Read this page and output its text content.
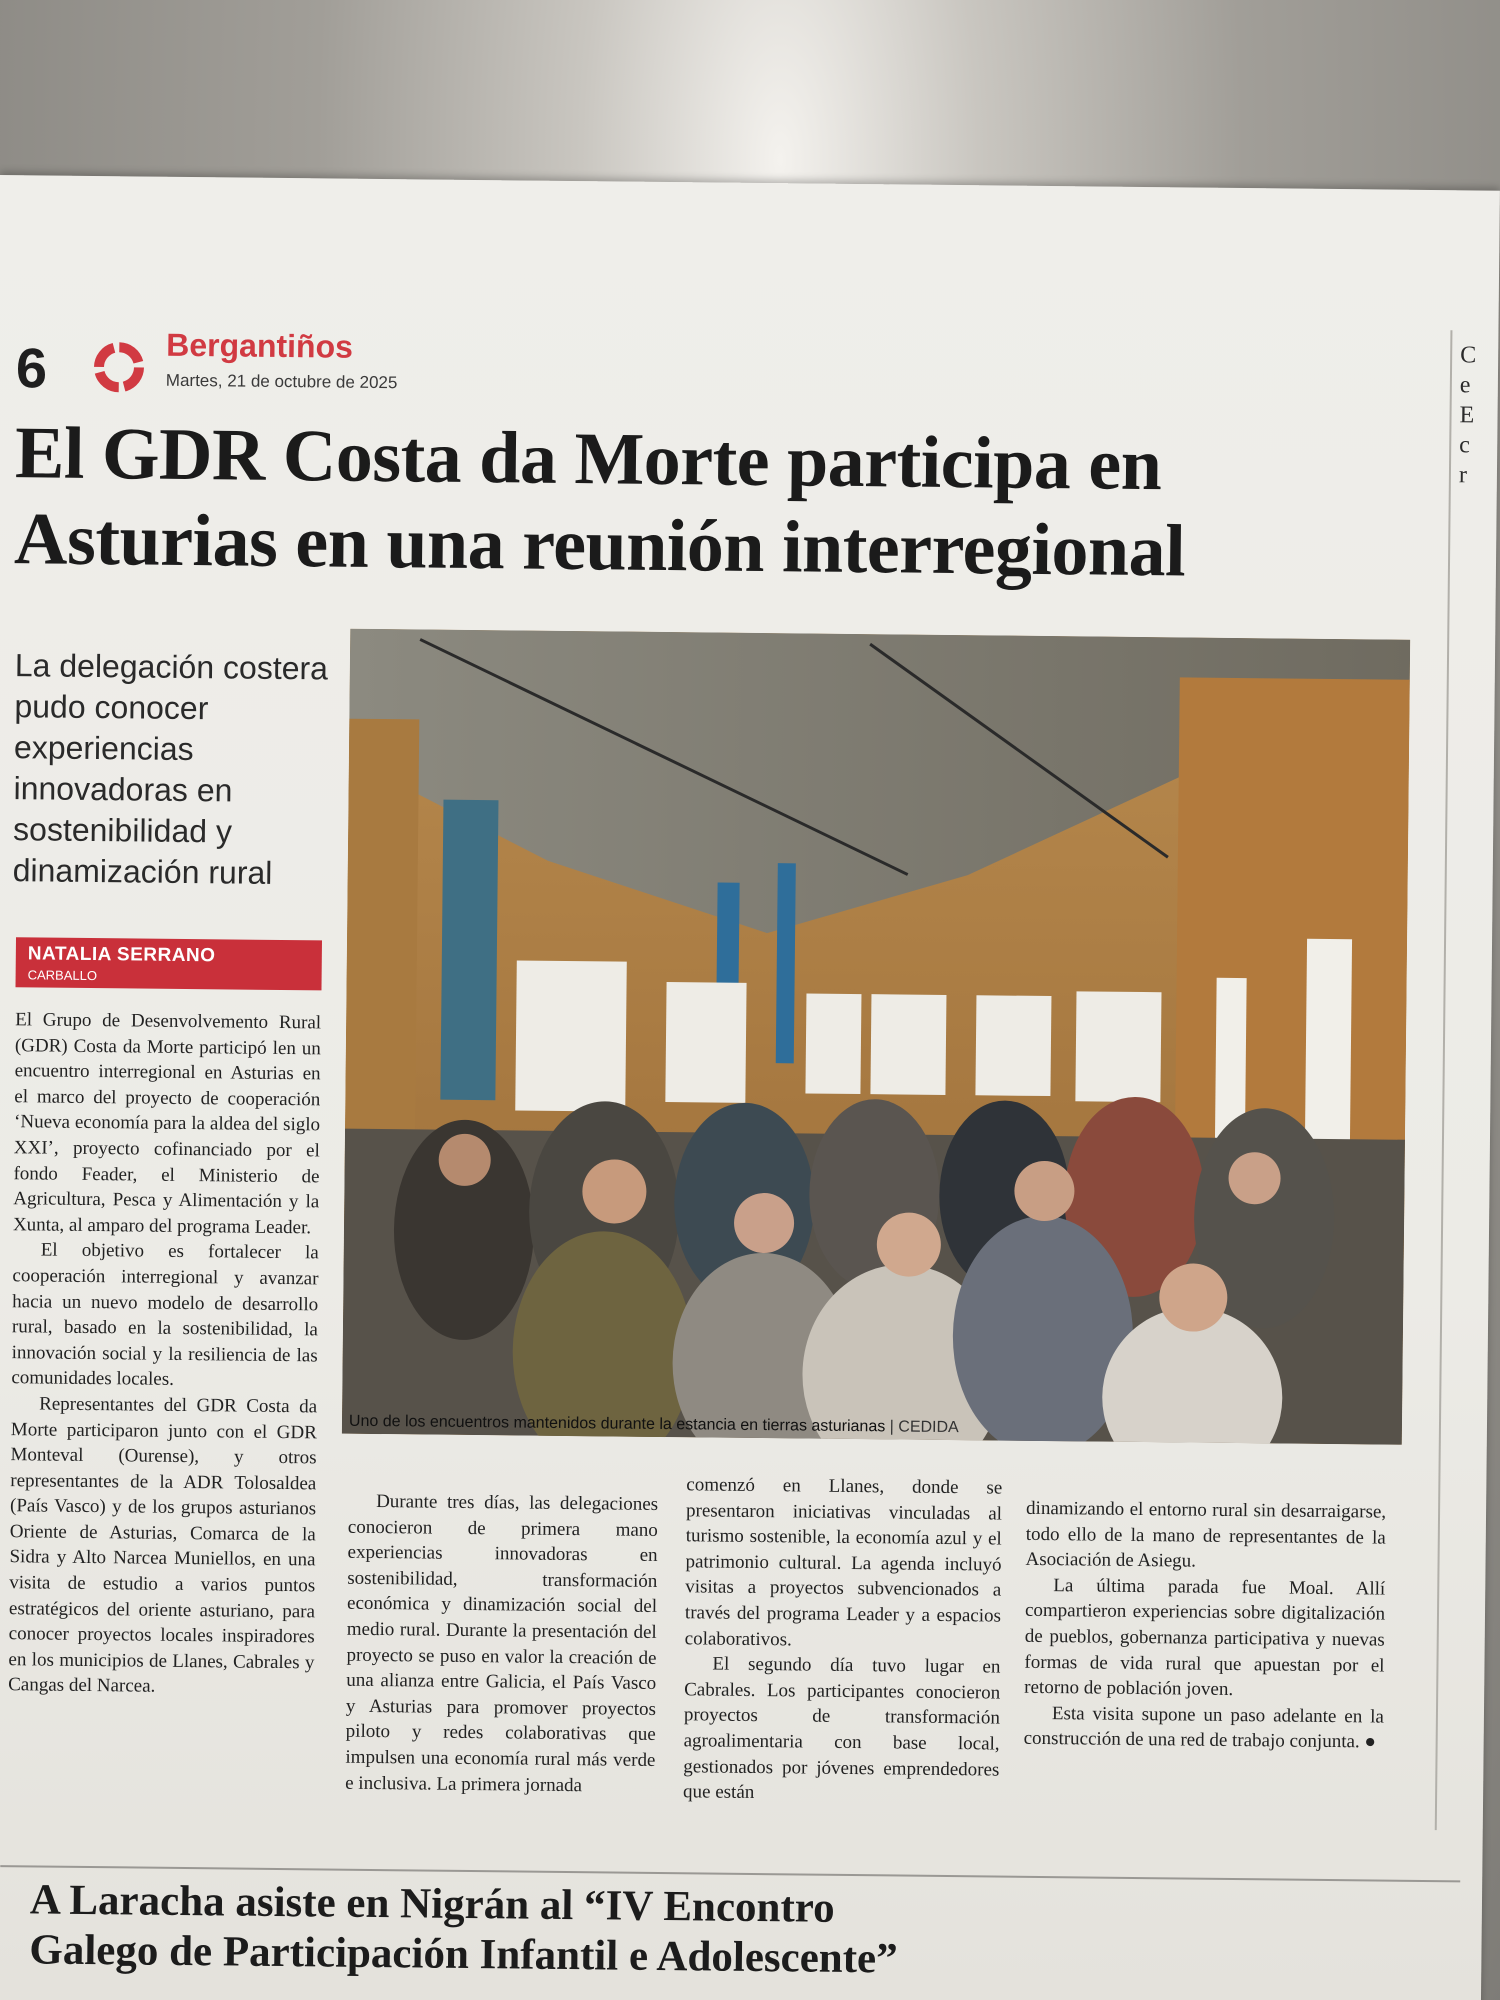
6	Bergantiños
Martes, 21 de octubre de 2025
El GDR Costa da Morte participa en
Asturias en una reunión interregional
La delegación costera pudo conocer experiencias innovadoras en sostenibilidad y dinamización rural
NATALIA SERRANO
CARBALLO

El Grupo de Desenvolvemento Rural (GDR) Costa da Morte participó len un encuentro interregional en Asturias en el marco del proyecto de cooperación ‘Nueva economía para la aldea del siglo XXI’, proyecto cofinanciado por el fondo Feader, el Ministerio de Agricultura, Pesca y Alimentación y la Xunta, al amparo del programa Leader.

El objetivo es fortalecer la cooperación interregional y avanzar hacia un nuevo modelo de desarrollo rural, basado en la sostenibilidad, la innovación social y la resiliencia de las comunidades locales.

Representantes del GDR Costa da Morte participaron junto con el GDR Monteval (Ourense), y otros representantes de la ADR Tolosaldea (País Vasco) y de los grupos asturianos Oriente de Asturias, Comarca de la Sidra y Alto Narcea Muniellos, en una visita de estudio a varios puntos estratégicos del oriente asturiano, para conocer proyectos locales inspiradores en los municipios de Llanes, Cabrales y Cangas del Narcea.

Uno de los encuentros mantenidos durante la estancia en tierras asturianas | CEDIDA

Durante tres días, las delegaciones conocieron de primera mano experiencias innovadoras en sostenibilidad, transformación económica y dinamización social del medio rural. Durante la presentación del proyecto se puso en valor la creación de una alianza entre Galicia, el País Vasco y Asturias para promover proyectos piloto y redes colaborativas que impulsen una economía rural más verde e inclusiva. La primera jornada

comenzó en Llanes, donde se presentaron iniciativas vinculadas al turismo sostenible, la economía azul y el patrimonio cultural. La agenda incluyó visitas a proyectos subvencionados a través del programa Leader y a espacios colaborativos.

El segundo día tuvo lugar en Cabrales. Los participantes conocieron proyectos de transformación agroalimentaria con base local, gestionados por jóvenes emprendedores que están

dinamizando el entorno rural sin desarraigarse, todo ello de la mano de representantes de la Asociación de Asiegu.

La última parada fue Moal. Allí compartieron experiencias sobre digitalización de pueblos, gobernanza participativa y nuevas formas de vida rural que apuestan por el retorno de población joven.

Esta visita supone un paso adelante en la construcción de una red de trabajo conjunta. ●

A Laracha asiste en Nigrán al “IV Encontro
Galego de Participación Infantil e Adolescente”
C
e
E
c
r
